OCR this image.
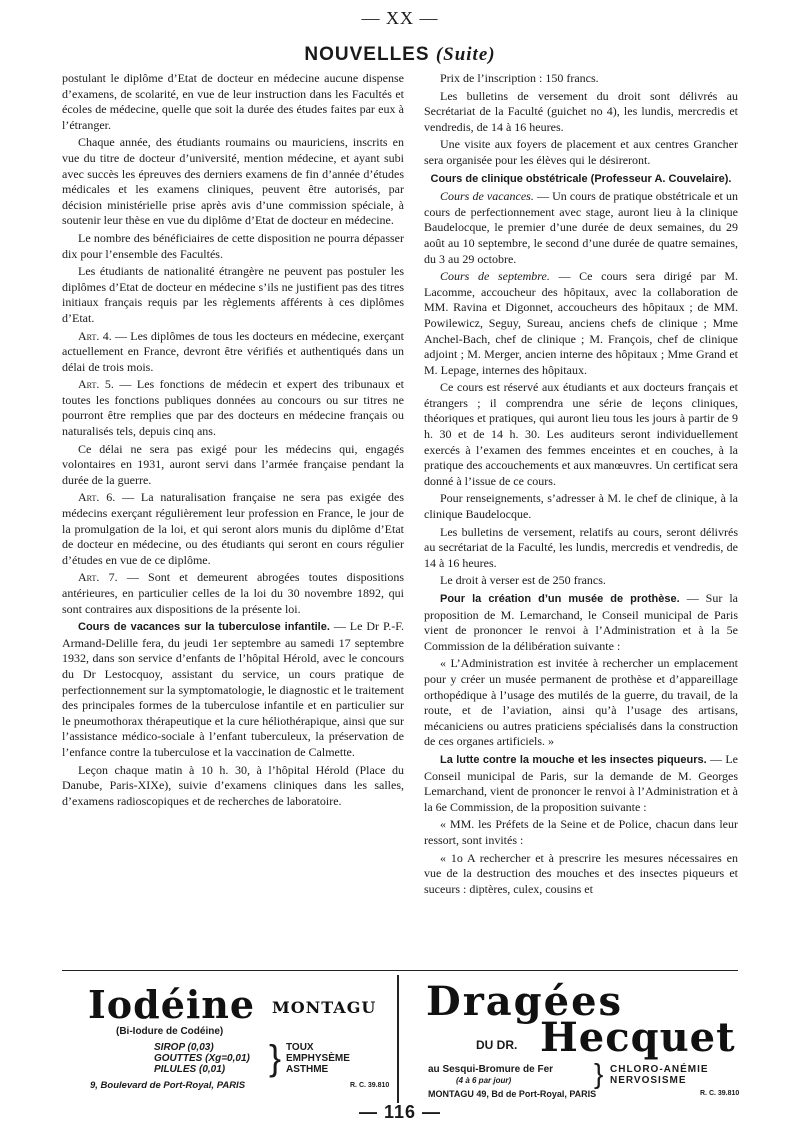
— XX —
NOUVELLES (Suite)

postulant le diplôme d’Etat de docteur en médecine aucune dispense d’examens, de scolarité, en vue de leur instruction dans les Facultés et écoles de médecine, quelle que soit la durée des études faites par eux à l’étranger.

Chaque année, des étudiants roumains ou mauriciens, inscrits en vue du titre de docteur d’université, mention médecine, et ayant subi avec succès les épreuves des derniers examens de fin d’année d’études médicales et les examens cliniques, peuvent être autorisés, par décision ministérielle prise après avis d’une commission spéciale, à soutenir leur thèse en vue du diplôme d’Etat de docteur en médecine.

Le nombre des bénéficiaires de cette disposition ne pourra dépasser dix pour l’ensemble des Facultés.

Les étudiants de nationalité étrangère ne peuvent pas postuler les diplômes d’Etat de docteur en médecine s’ils ne justifient pas des titres initiaux français requis par les règlements afférents à ces diplômes d’Etat.

Art. 4. — Les diplômes de tous les docteurs en médecine, exerçant actuellement en France, devront être vérifiés et authentiqués dans un délai de trois mois.

Art. 5. — Les fonctions de médecin et expert des tribunaux et toutes les fonctions publiques données au concours ou sur titres ne pourront être remplies que par des docteurs en médecine français ou naturalisés tels, depuis cinq ans.

Ce délai ne sera pas exigé pour les médecins qui, engagés volontaires en 1931, auront servi dans l’armée française pendant la durée de la guerre.

Art. 6. — La naturalisation française ne sera pas exigée des médecins exerçant régulièrement leur profession en France, le jour de la promulgation de la loi, et qui seront alors munis du diplôme d’Etat de docteur en médecine, ou des étudiants qui seront en cours régulier d’études en vue de ce diplôme.

Art. 7. — Sont et demeurent abrogées toutes dispositions antérieures, en particulier celles de la loi du 30 novembre 1892, qui sont contraires aux dispositions de la présente loi.

Cours de vacances sur la tuberculose infantile. — Le Dr P.-F. Armand-Delille fera, du jeudi 1er septembre au samedi 17 septembre 1932, dans son service d’enfants de l’hôpital Hérold, avec le concours du Dr Lestocquoy, assistant du service, un cours pratique de perfectionnement sur la symptomatologie, le diagnostic et le traitement des principales formes de la tuberculose infantile et en particulier sur le pneumothorax thérapeutique et la cure héliothérapique, ainsi que sur l’assistance médico-sociale à l’enfant tuberculeux, la préservation de l’enfance contre la tuberculose et la vaccination de Calmette.

Leçon chaque matin à 10 h. 30, à l’hôpital Hérold (Place du Danube, Paris-XIXe), suivie d’examens cliniques dans les salles, d’examens radioscopiques et de recherches de laboratoire.

Prix de l’inscription : 150 francs.

Les bulletins de versement du droit sont délivrés au Secrétariat de la Faculté (guichet no 4), les lundis, mercredis et vendredis, de 14 à 16 heures.

Une visite aux foyers de placement et aux centres Grancher sera organisée pour les élèves qui le désireront.

Cours de clinique obstétricale (Professeur A. Couvelaire).

Cours de vacances. — Un cours de pratique obstétricale et un cours de perfectionnement avec stage, auront lieu à la clinique Baudelocque, le premier d’une durée de deux semaines, du 29 août au 10 septembre, le second d’une durée de quatre semaines, du 3 au 29 octobre.

Cours de septembre. — Ce cours sera dirigé par M. Lacomme, accoucheur des hôpitaux, avec la collaboration de MM. Ravina et Digonnet, accoucheurs des hôpitaux ; de MM. Powilewicz, Seguy, Sureau, anciens chefs de clinique ; Mme Anchel-Bach, chef de clinique ; M. François, chef de clinique adjoint ; M. Merger, ancien interne des hôpitaux ; Mme Grand et M. Lepage, internes des hôpitaux.

Ce cours est réservé aux étudiants et aux docteurs français et étrangers ; il comprendra une série de leçons cliniques, théoriques et pratiques, qui auront lieu tous les jours à partir de 9 h. 30 et de 14 h. 30. Les auditeurs seront individuellement exercés à l’examen des femmes enceintes et en couches, à la pratique des accouchements et aux manœuvres. Un certificat sera donné à l’issue de ce cours.

Pour renseignements, s’adresser à M. le chef de clinique, à la clinique Baudelocque.

Les bulletins de versement, relatifs au cours, seront délivrés au secrétariat de la Faculté, les lundis, mercredis et vendredis, de 14 à 16 heures.

Le droit à verser est de 250 francs.

Pour la création d’un musée de prothèse. — Sur la proposition de M. Lemarchand, le Conseil municipal de Paris vient de prononcer le renvoi à l’Administration et à la 5e Commission de la délibération suivante :

« L’Administration est invitée à rechercher un emplacement pour y créer un musée permanent de prothèse et d’appareillage orthopédique à l’usage des mutilés de la guerre, du travail, de la route, et de l’aviation, ainsi qu’à l’usage des artisans, mécaniciens ou autres praticiens spécialisés dans la construction de ces organes artificiels. »

La lutte contre la mouche et les insectes piqueurs. — Le Conseil municipal de Paris, sur la demande de M. Georges Lemarchand, vient de prononcer le renvoi à l’Administration et à la 6e Commission, de la proposition suivante :

« MM. les Préfets de la Seine et de Police, chacun dans leur ressort, sont invités :

« 1o A rechercher et à prescrire les mesures nécessaires en vue de la destruction des mouches et des insectes piqueurs et suceurs : diptères, culex, cousins et

Iodéine MONTAGU
(Bi-Iodure de Codéine)
SIROP (0,03)
GOUTTES (Xg=0,01)
PILULES (0,01)	} TOUX
EMPHYSÈME
ASTHME
9, Boulevard de Port-Royal, PARIS	R. C. 39.810
Dragées
DU DR. Hecquet
au Sesqui-Bromure de Fer
(4 à 6 par jour)	} CHLORO-ANÉMIE
NERVOSISME
MONTAGU 49, Bd de Port-Royal, PARIS	R. C. 39.810
— 116 —
